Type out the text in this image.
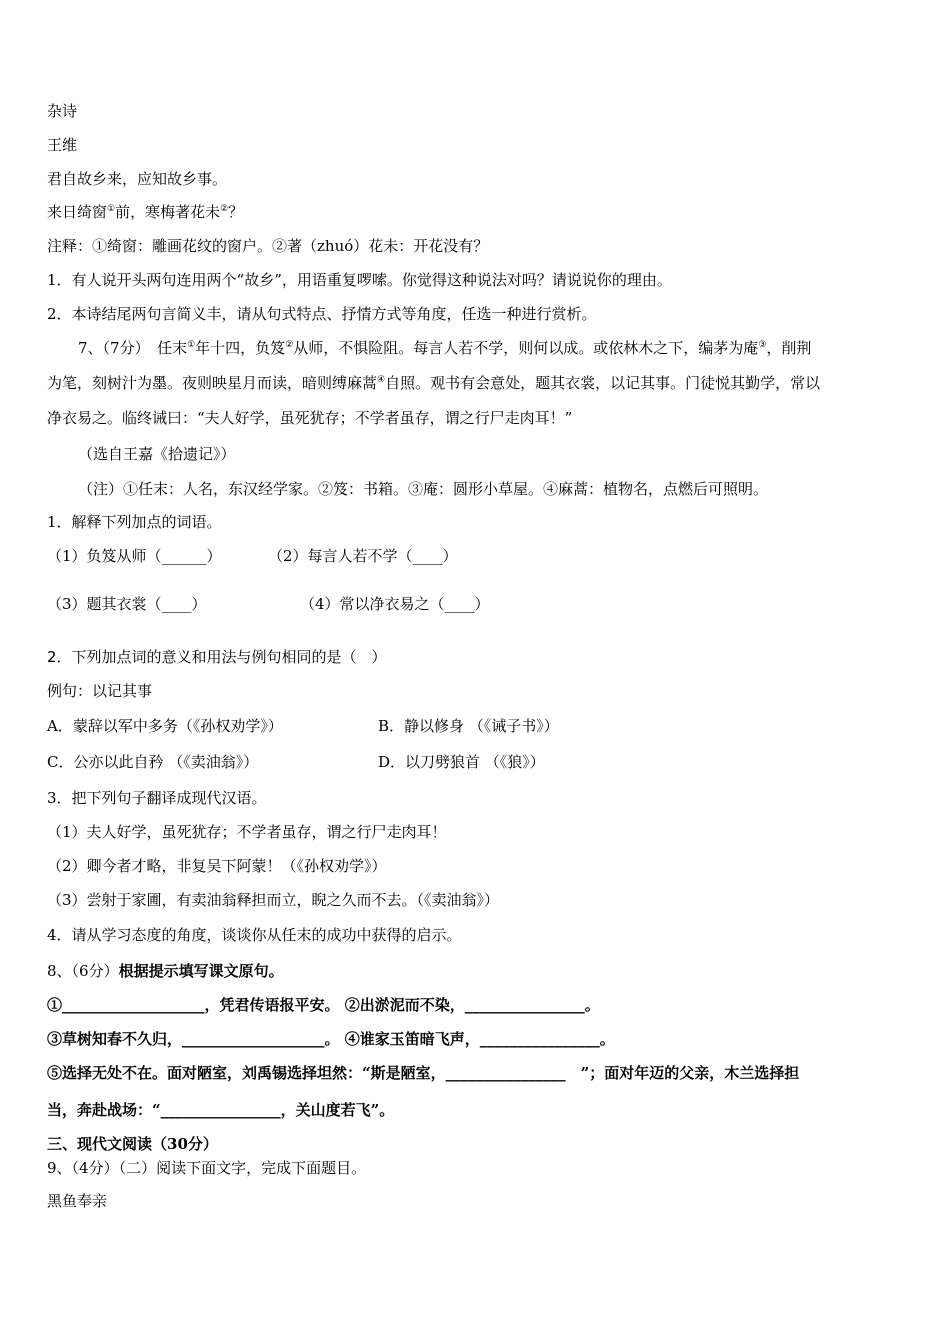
杂诗
王维
君自故乡来，应知故乡事。
来日绮窗①前，寒梅著花未②？
注释：①绮窗：雕画花纹的窗户。②著（zhuó）花未：开花没有？
1．有人说开头两句连用两个“故乡”，用语重复啰嗦。你觉得这种说法对吗？请说说你的理由。
2．本诗结尾两句言简义丰，请从句式特点、抒情方式等角度，任选一种进行赏析。
7、（7分）　任末①年十四，负笈②从师，不惧险阻。每言人若不学，则何以成。或依林木之下，编茅为庵③，削荆
为笔，刻树汁为墨。夜则映星月而读，暗则缚麻蒿④自照。观书有会意处，题其衣裳，以记其事。门徒悦其勤学，常以
净衣易之。临终诫曰：“夫人好学，虽死犹存；不学者虽存，谓之行尸走肉耳！”
（选自王嘉《拾遗记》）
（注）①任末：人名，东汉经学家。②笈：书箱。③庵：圆形小草屋。④麻蒿：植物名，点燃后可照明。
1．解释下列加点的词语。
（1）负笈从师（______）	（2）每言人若不学（____）
（3）题其衣裳（____）	（4）常以净衣易之（____）
2．下列加点词的意义和用法与例句相同的是（　）
例句：以记其事
A．蒙辞以军中多务（《孙权劝学》）	B．静以修身 （《诫子书》）
C．公亦以此自矜 （《卖油翁》）	D．以刀劈狼首 （《狼》）
3．把下列句子翻译成现代汉语。
（1）夫人好学，虽死犹存；不学者虽存，谓之行尸走肉耳！
（2）卿今者才略，非复吴下阿蒙！（《孙权劝学》）
（3）尝射于家圃，有卖油翁释担而立，睨之久而不去。（《卖油翁》）
4．请从学习态度的角度，谈谈你从任末的成功中获得的启示。
8、（6分）根据提示填写课文原句。
①___________________，凭君传语报平安。 ②出淤泥而不染，________________。
③草树知春不久归，___________________。 ④谁家玉笛暗飞声，________________。
⑤选择无处不在。面对陋室，刘禹锡选择坦然：“斯是陋室，________________　”；面对年迈的父亲，木兰选择担
当，奔赴战场：“________________，关山度若飞”。
三、现代文阅读（30分）
9、（4分）（二）阅读下面文字，完成下面题目。
黑鱼奉亲
